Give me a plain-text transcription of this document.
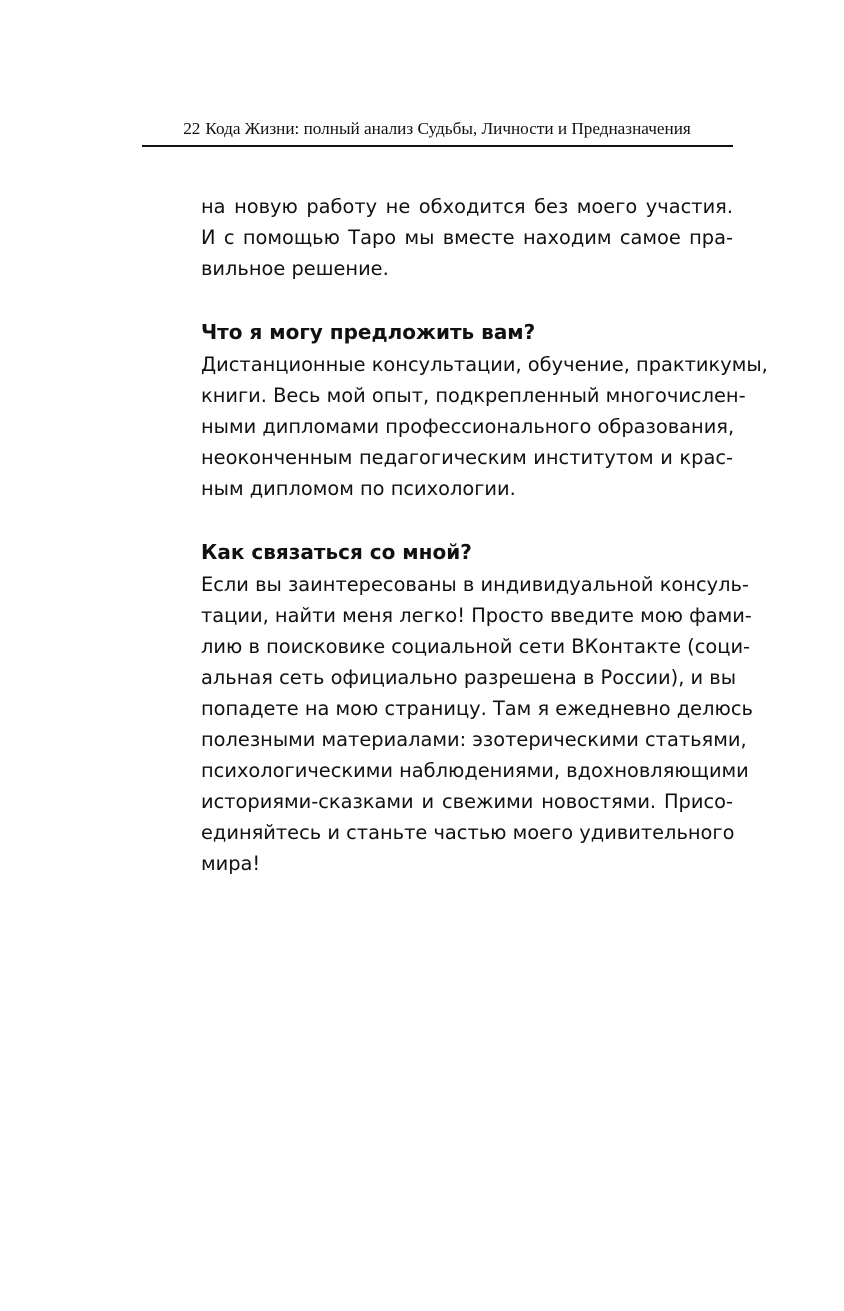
22 Кода Жизни: полный анализ Судьбы, Личности и Предназначения
на новую работу не обходится без моего участия.
И с помощью Таро мы вместе находим самое пра-
вильное решение.
Что я могу предложить вам?
Дистанционные консультации, обучение, практикумы,
книги. Весь мой опыт, подкрепленный многочислен-
ными дипломами профессионального образования,
неоконченным педагогическим институтом и крас-
ным дипломом по психологии.
Как связаться со мной?
Если вы заинтересованы в индивидуальной консуль-
тации, найти меня легко! Просто введите мою фами-
лию в поисковике социальной сети ВКонтакте (соци-
альная сеть официально разрешена в России), и вы
попадете на мою страницу. Там я ежедневно делюсь
полезными материалами: эзотерическими статьями,
психологическими наблюдениями, вдохновляющими
историями-сказками и свежими новостями. Присо-
единяйтесь и станьте частью моего удивительного
мира!
